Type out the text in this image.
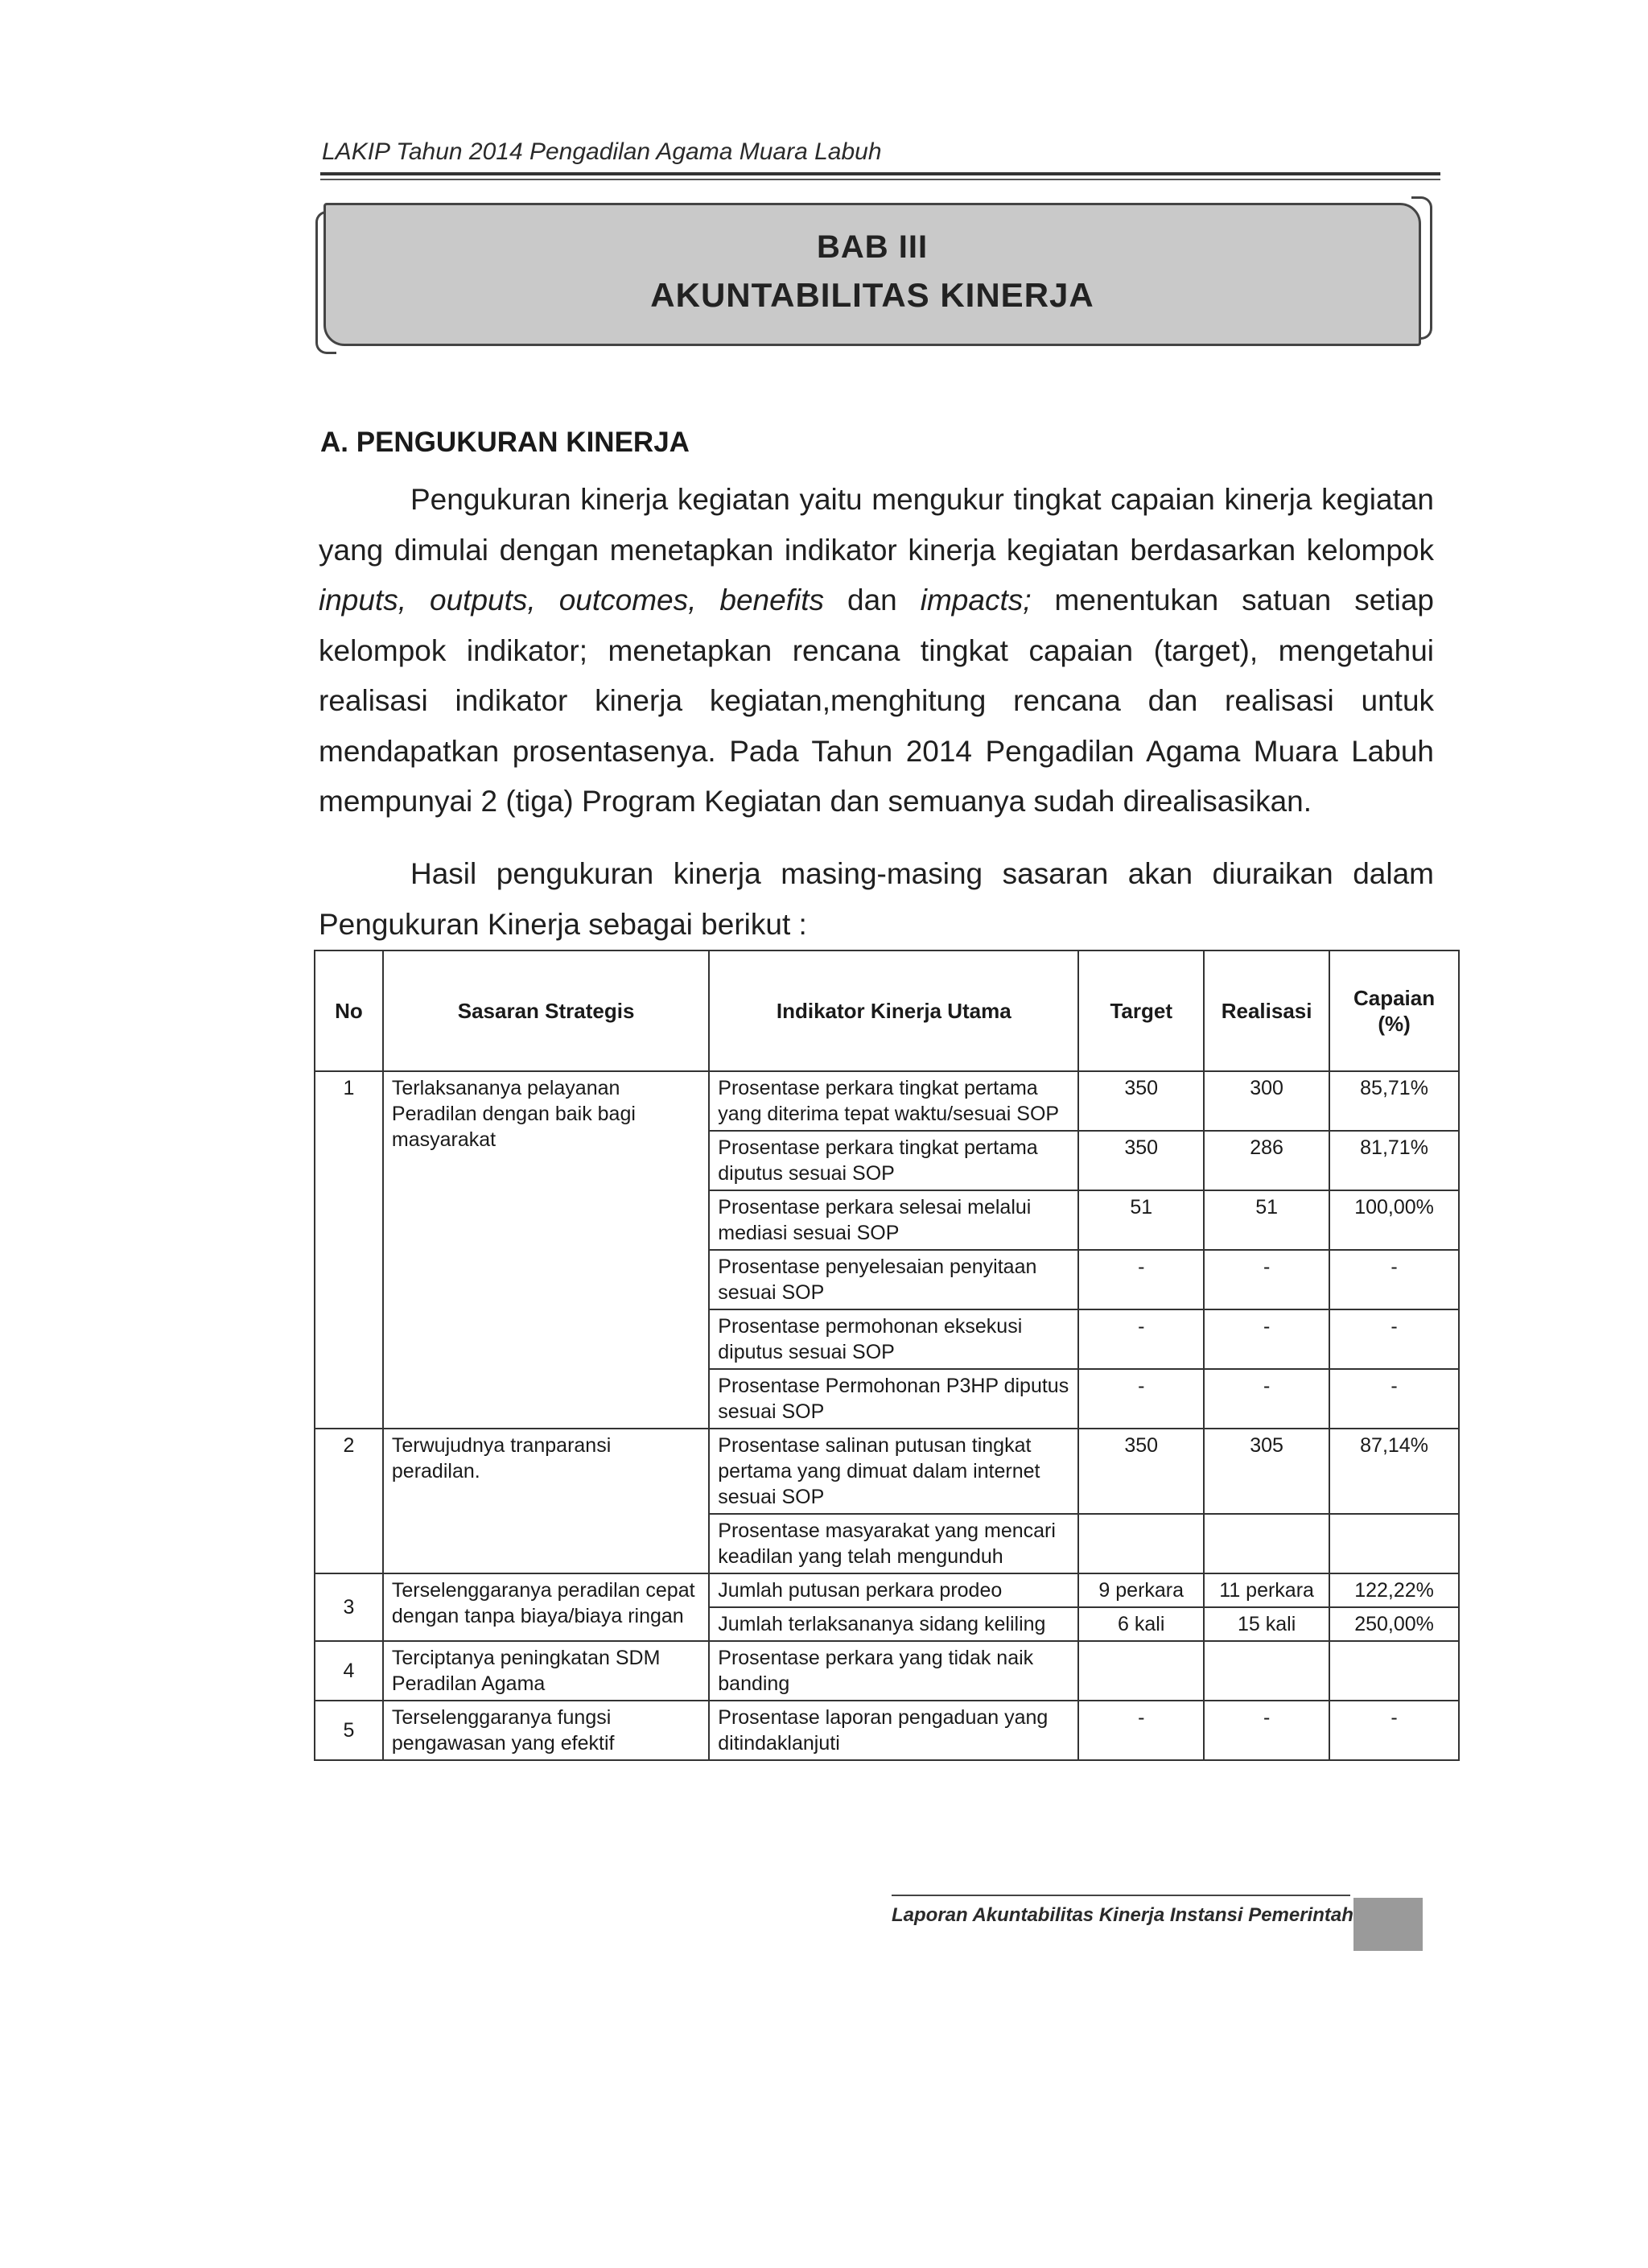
LAKIP Tahun 2014 Pengadilan Agama Muara Labuh
BAB III
AKUNTABILITAS KINERJA
A. PENGUKURAN KINERJA
Pengukuran kinerja kegiatan yaitu mengukur tingkat capaian kinerja kegiatan yang dimulai dengan menetapkan indikator kinerja kegiatan berdasarkan kelompok inputs, outputs, outcomes, benefits dan impacts; menentukan satuan setiap kelompok indikator; menetapkan rencana tingkat capaian (target), mengetahui realisasi indikator kinerja kegiatan,menghitung rencana dan realisasi untuk mendapatkan prosentasenya. Pada Tahun 2014 Pengadilan Agama Muara Labuh mempunyai 2 (tiga) Program Kegiatan dan semuanya sudah direalisasikan.
Hasil pengukuran kinerja masing-masing sasaran akan diuraikan dalam Pengukuran Kinerja sebagai berikut :
No	Sasaran Strategis	Indikator Kinerja Utama	Target	Realisasi	Capaian (%)
1	Terlaksananya pelayanan Peradilan dengan baik bagi masyarakat	Prosentase perkara tingkat pertama yang diterima tepat waktu/sesuai SOP	350	300	85,71%
		Prosentase perkara tingkat pertama diputus sesuai SOP	350	286	81,71%
		Prosentase perkara selesai melalui mediasi sesuai SOP	51	51	100,00%
		Prosentase penyelesaian penyitaan sesuai SOP	-	-	-
		Prosentase permohonan eksekusi diputus sesuai SOP	-	-	-
		Prosentase Permohonan P3HP diputus sesuai SOP	-	-	-
2	Terwujudnya tranparansi peradilan.	Prosentase salinan putusan tingkat pertama yang dimuat dalam internet sesuai SOP	350	305	87,14%
		Prosentase masyarakat yang mencari keadilan yang telah mengunduh			
3	Terselenggaranya peradilan cepat dengan tanpa biaya/biaya ringan	Jumlah putusan perkara prodeo	9 perkara	11 perkara	122,22%
		Jumlah terlaksananya sidang keliling	6 kali	15 kali	250,00%
4	Terciptanya peningkatan SDM Peradilan Agama	Prosentase perkara yang tidak naik banding			
5	Terselenggaranya fungsi pengawasan yang efektif	Prosentase laporan pengaduan yang ditindaklanjuti	-	-	-
Laporan Akuntabilitas Kinerja Instansi Pemerintah
